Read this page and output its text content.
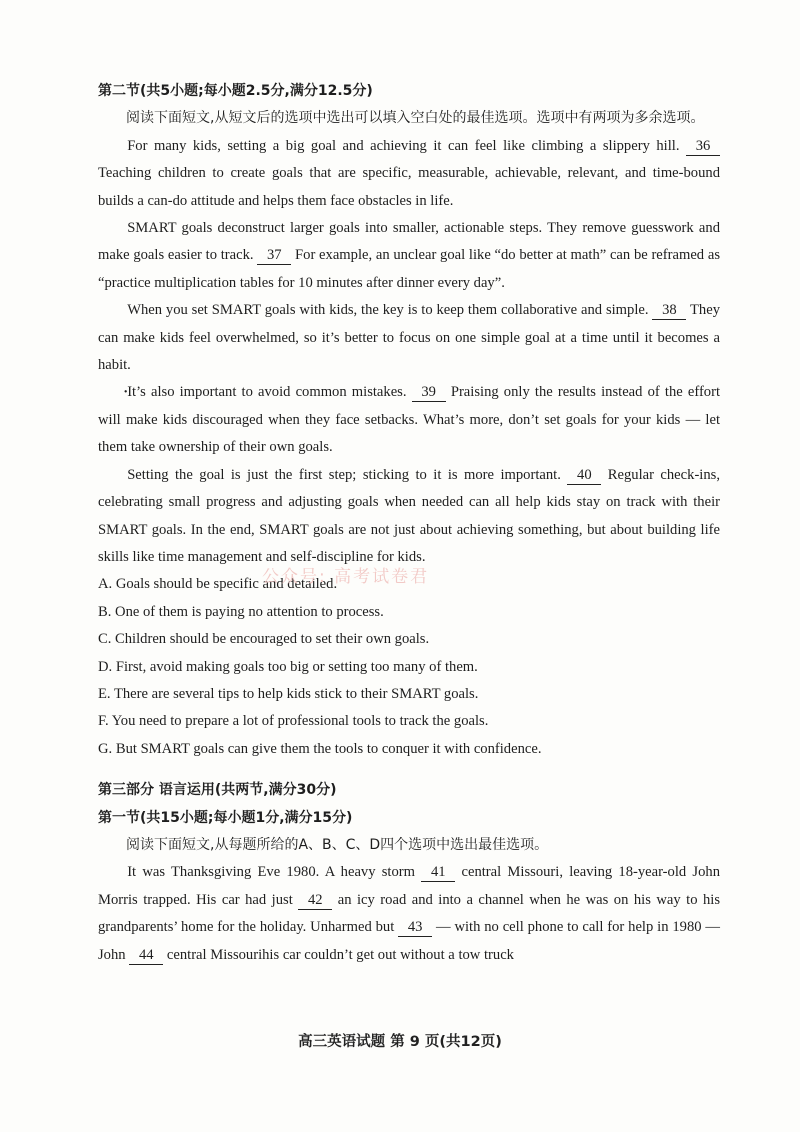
第二节(共5小题;每小题2.5分,满分12.5分)

阅读下面短文,从短文后的选项中选出可以填入空白处的最佳选项。选项中有两项为多余选项。

For many kids, setting a big goal and achieving it can feel like climbing a slippery hill. 36 Teaching children to create goals that are specific, measurable, achievable, relevant, and time-bound builds a can-do attitude and helps them face obstacles in life.

SMART goals deconstruct larger goals into smaller, actionable steps. They remove guesswork and make goals easier to track. 37 For example, an unclear goal like “do better at math” can be reframed as “practice multiplication tables for 10 minutes after dinner every day”.

When you set SMART goals with kids, the key is to keep them collaborative and simple. 38 They can make kids feel overwhelmed, so it’s better to focus on one simple goal at a time until it becomes a habit.

· It’s also important to avoid common mistakes. 39 Praising only the results instead of the effort will make kids discouraged when they face setbacks. What’s more, don’t set goals for your kids — let them take ownership of their own goals.

Setting the goal is just the first step; sticking to it is more important. 40 Regular check-ins, celebrating small progress and adjusting goals when needed can all help kids stay on track with their SMART goals. In the end, SMART goals are not just about achieving something, but about building life skills like time management and self-discipline for kids.

A. Goals should be specific and detailed.
B. One of them is paying no attention to process.
C. Children should be encouraged to set their own goals.
D. First, avoid making goals too big or setting too many of them.
E. There are several tips to help kids stick to their SMART goals.
F. You need to prepare a lot of professional tools to track the goals.
G. But SMART goals can give them the tools to conquer it with confidence.
第三部分 语言运用(共两节,满分30分)
第一节(共15小题;每小题1分,满分15分)

阅读下面短文,从每题所给的A、B、C、D四个选项中选出最佳选项。

It was Thanksgiving Eve 1980. A heavy storm 41 central Missouri, leaving 18-year-old John Morris trapped. His car had just 42 an icy road and into a channel when he was on his way to his grandparents’ home for the holiday. Unharmed but 43 — with no cell phone to call for help in 1980 — John 44 central Missourihis car couldn’t get out without a tow truck

公众号: 高考试卷君
高三英语试题 第 9 页(共12页)
